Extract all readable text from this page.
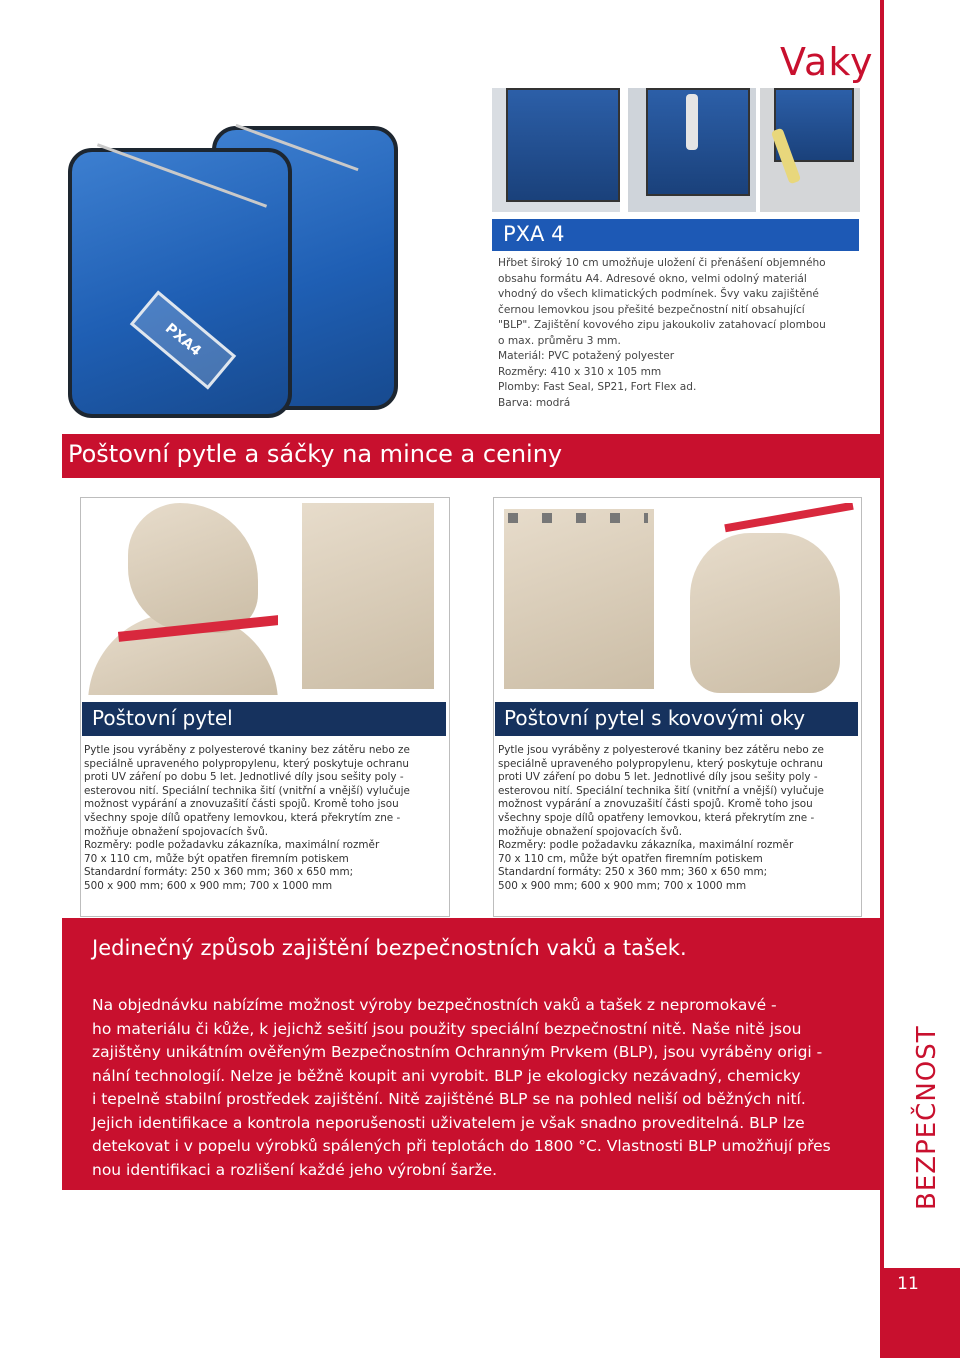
Vaky
BEZPEČNOST
11
PXA4
PXA 4
Hřbet široký 10 cm umožňuje uložení či přenášení objemného
obsahu formátu A4. Adresové okno, velmi odolný materiál
vhodný do všech klimatických podmínek. Švy vaku zajištěné
černou lemovkou jsou přešité bezpečnostní nití obsahující
"BLP". Zajištění kovového zipu jakoukoliv zatahovací plombou
o max. průměru 3 mm.
Materiál: PVC potažený polyester
Rozměry: 410 x 310 x 105 mm
Plomby: Fast Seal, SP21, Fort Flex ad.
Barva: modrá
Poštovní pytle a sáčky na mince a ceniny
Poštovní pytel
Pytle jsou vyráběny z polyesterové tkaniny bez zátěru nebo ze
speciálně upraveného polypropylenu, který poskytuje ochranu
proti UV záření po dobu 5 let. Jednotlivé díly jsou sešity poly -
esterovou nití. Speciální technika šití (vnitřní a vnější) vylučuje
možnost vypárání a znovuzašití části spojů. Kromě toho jsou
všechny spoje dílů opatřeny lemovkou, která překrytím zne -
možňuje obnažení spojovacích švů.
Rozměry: podle požadavku zákazníka, maximální rozměr
70 x 110 cm, může být opatřen firemním potiskem
Standardní formáty: 250 x 360 mm; 360 x 650 mm;
500 x 900 mm; 600 x 900 mm; 700 x 1000 mm
Poštovní pytel s kovovými oky
Pytle jsou vyráběny z polyesterové tkaniny bez zátěru nebo ze
speciálně upraveného polypropylenu, který poskytuje ochranu
proti UV záření po dobu 5 let. Jednotlivé díly jsou sešity poly -
esterovou nití. Speciální technika šití (vnitřní a vnější) vylučuje
možnost vypárání a znovuzašití části spojů. Kromě toho jsou
všechny spoje dílů opatřeny lemovkou, která překrytím zne -
možňuje obnažení spojovacích švů.
Rozměry: podle požadavku zákazníka, maximální rozměr
70 x 110 cm, může být opatřen firemním potiskem
Standardní formáty: 250 x 360 mm; 360 x 650 mm;
500 x 900 mm; 600 x 900 mm; 700 x 1000 mm
Jedinečný způsob zajištění bezpečnostních vaků a tašek.
Na objednávku nabízíme možnost výroby bezpečnostních vaků a tašek z nepromokavé -
ho materiálu či kůže, k jejichž sešití jsou použity speciální bezpečnostní nitě. Naše nitě jsou
zajištěny unikátním ověřeným Bezpečnostním Ochranným Prvkem (BLP), jsou vyráběny origi -
nální technologií. Nelze je běžně koupit ani vyrobit. BLP je ekologicky nezávadný, chemicky
i tepelně stabilní prostředek zajištění. Nitě zajištěné BLP se na pohled neliší od běžných nití.
Jejich identifikace a kontrola neporušenosti uživatelem je však snadno proveditelná. BLP lze
detekovat i v popelu výrobků spálených při teplotách do 1800 °C. Vlastnosti BLP umožňují přes
nou identifikaci a rozlišení každé jeho výrobní šarže.
